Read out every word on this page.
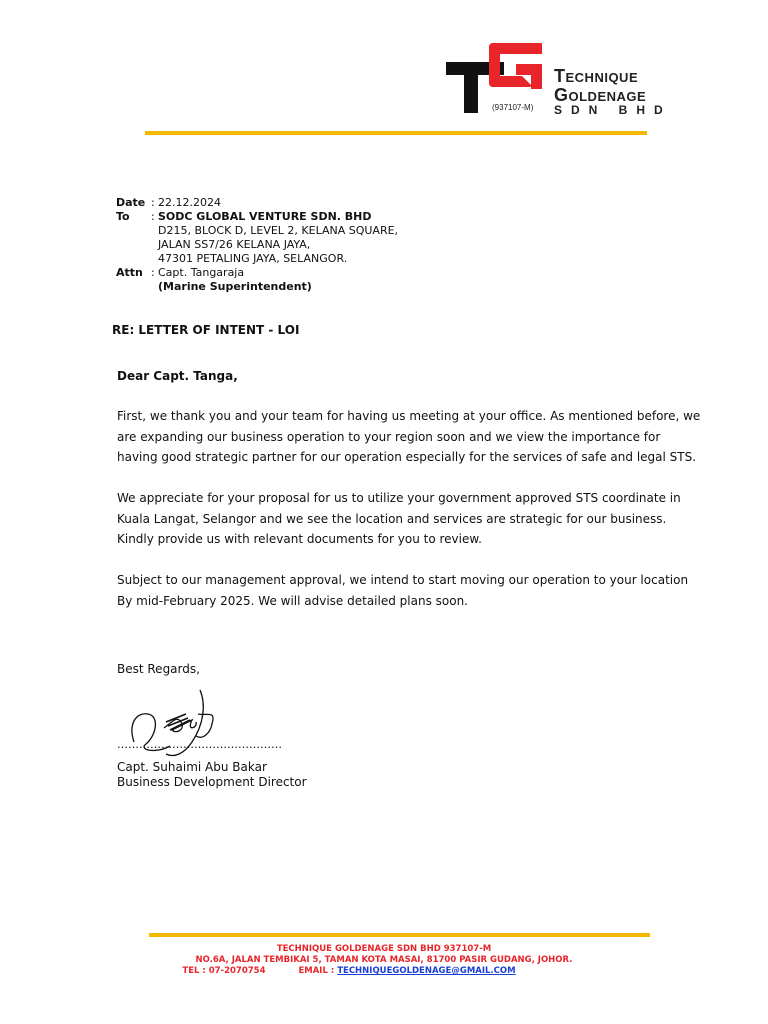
(937107-M)
Technique
Goldenage
SDN BHD
Date : 22.12.2024
To	: SODC GLOBAL VENTURE SDN. BHD
D215, BLOCK D, LEVEL 2, KELANA SQUARE,
JALAN SS7/26 KELANA JAYA,
47301 PETALING JAYA, SELANGOR.
Attn : Capt. Tangaraja
(Marine Superintendent)
RE: LETTER OF INTENT - LOI
Dear Capt. Tanga,
First, we thank you and your team for having us meeting at your office. As mentioned before, we are expanding our business operation to your region soon and we view the importance for having good strategic partner for our operation especially for the services of safe and legal STS.
We appreciate for your proposal for us to utilize your government approved STS coordinate in Kuala Langat, Selangor and we see the location and services are strategic for our business. Kindly provide us with relevant documents for you to review.
Subject to our management approval, we intend to start moving our operation to your location By mid-February 2025. We will advise detailed plans soon.
Best Regards,
………………………………………
Capt. Suhaimi Abu Bakar
Business Development Director
TECHNIQUE GOLDENAGE SDN BHD 937107-M
NO.6A, JALAN TEMBIKAI 5, TAMAN KOTA MASAI, 81700 PASIR GUDANG, JOHOR.
TEL : 07-2070754	EMAIL : TECHNIQUEGOLDENAGE@GMAIL.COM
